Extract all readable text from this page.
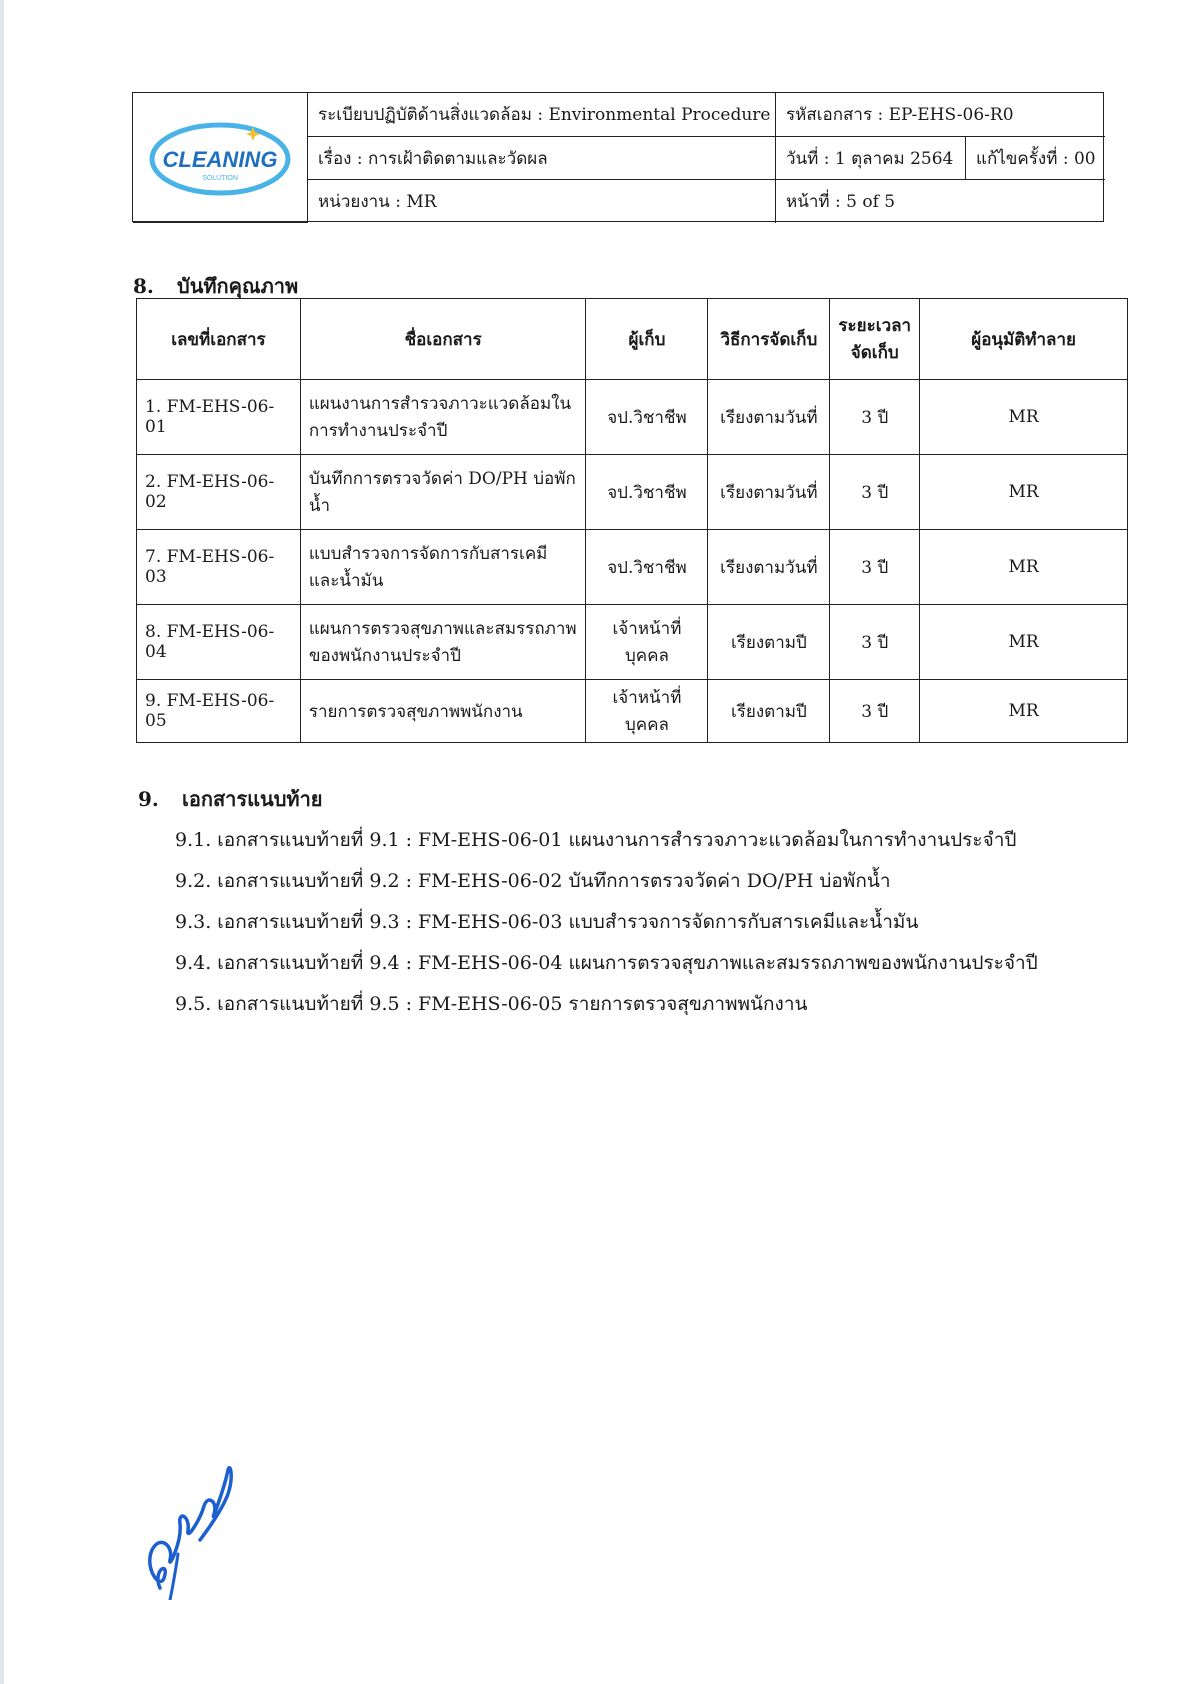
CLEANING
SOLUTION
ระเบียบปฏิบัติด้านสิ่งแวดล้อม : Environmental Procedure รหัสเอกสาร : EP-EHS-06-R0
เรื่อง : การเฝ้าติดตามและวัดผล	วันที่ : 1 ตุลาคม 2564	แก้ไขครั้งที่ : 00
หน่วยงาน : MR	หน้าที่ : 5 of 5
8. บันทึกคุณภาพ
เลขที่เอกสาร	ชื่อเอกสาร	ผู้เก็บ	วิธีการจัดเก็บ	ระยะเวลา จัดเก็บ	ผู้อนุมัติทำลาย
1. FM-EHS-06-01	แผนงานการสำรวจภาวะแวดล้อมในการทำงานประจำปี	จป.วิชาชีพ	เรียงตามวันที่	3 ปี	MR
2. FM-EHS-06-02	บันทึกการตรวจวัดค่า DO/PH บ่อพักน้ำ	จป.วิชาชีพ	เรียงตามวันที่	3 ปี	MR
7. FM-EHS-06-03	แบบสำรวจการจัดการกับสารเคมีและน้ำมัน	จป.วิชาชีพ	เรียงตามวันที่	3 ปี	MR
8. FM-EHS-06-04	แผนการตรวจสุขภาพและสมรรถภาพของพนักงานประจำปี	เจ้าหน้าที่บุคคล	เรียงตามปี	3 ปี	MR
9. FM-EHS-06-05	รายการตรวจสุขภาพพนักงาน	เจ้าหน้าที่บุคคล	เรียงตามปี	3 ปี	MR
9. เอกสารแนบท้าย
9.1. เอกสารแนบท้ายที่ 9.1 : FM-EHS-06-01 แผนงานการสำรวจภาวะแวดล้อมในการทำงานประจำปี
9.2. เอกสารแนบท้ายที่ 9.2 : FM-EHS-06-02 บันทึกการตรวจวัดค่า DO/PH บ่อพักน้ำ
9.3. เอกสารแนบท้ายที่ 9.3 : FM-EHS-06-03 แบบสำรวจการจัดการกับสารเคมีและน้ำมัน
9.4. เอกสารแนบท้ายที่ 9.4 : FM-EHS-06-04 แผนการตรวจสุขภาพและสมรรถภาพของพนักงานประจำปี
9.5. เอกสารแนบท้ายที่ 9.5 : FM-EHS-06-05 รายการตรวจสุขภาพพนักงาน
